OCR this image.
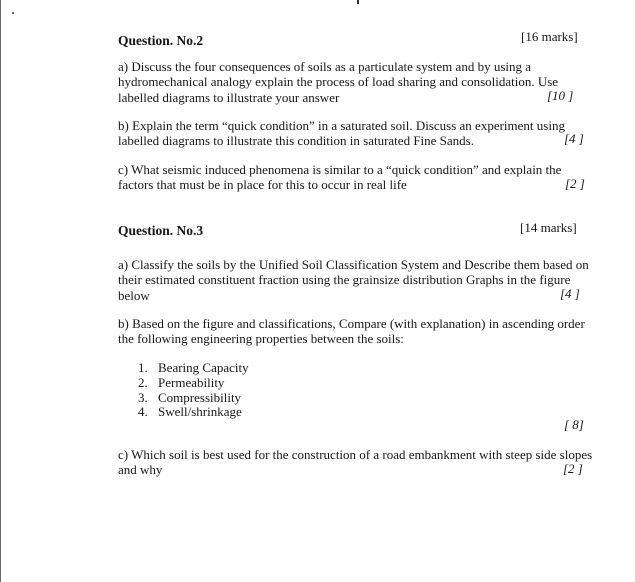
Question. No.2	[16 marks]
a) Discuss the four consequences of soils as a particulate system and by using a
hydromechanical analogy explain the process of load sharing and consolidation. Use
labelled diagrams to illustrate your answer	[10 ]
b) Explain the term “quick condition” in a saturated soil. Discuss an experiment using
labelled diagrams to illustrate this condition in saturated Fine Sands.	[4 ]
c) What seismic induced phenomena is similar to a “quick condition” and explain the
factors that must be in place for this to occur in real life	[2 ]
Question. No.3	[14 marks]
a) Classify the soils by the Unified Soil Classification System and Describe them based on
their estimated constituent fraction using the grainsize distribution Graphs in the figure
below	[4 ]
b) Based on the figure and classifications, Compare (with explanation) in ascending order
the following engineering properties between the soils:
1. Bearing Capacity
2. Permeability
3. Compressibility
4. Swell/shrinkage
[ 8]
c) Which soil is best used for the construction of a road embankment with steep side slopes
and why	[2 ]
